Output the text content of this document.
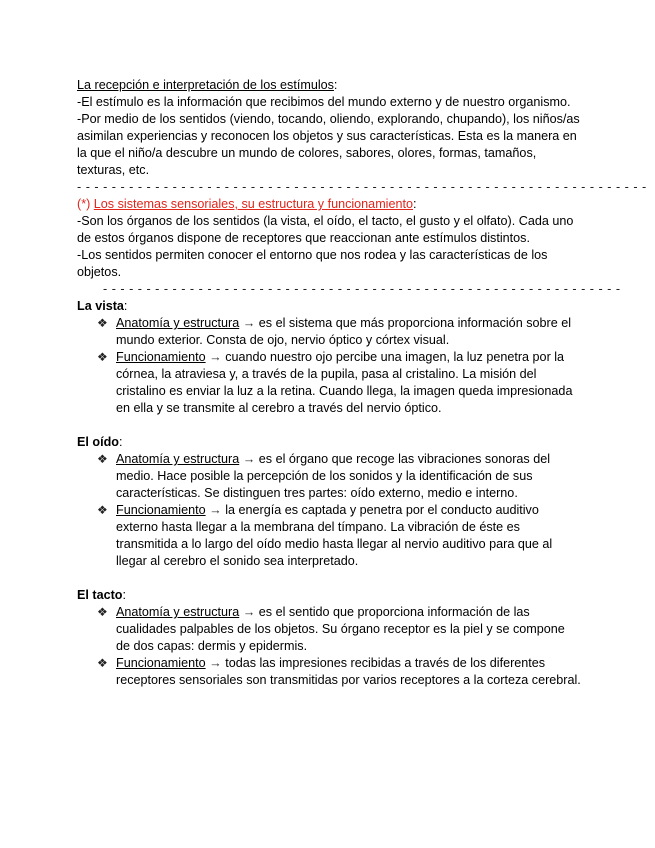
La recepción e interpretación de los estímulos:

-El estímulo es la información que recibimos del mundo externo y de nuestro organismo.

-Por medio de los sentidos (viendo, tocando, oliendo, explorando, chupando), los niños/as asimilan experiencias y reconocen los objetos y sus características. Esta es la manera en la que el niño/a descubre un mundo de colores, sabores, olores, formas, tamaños, texturas, etc.

- - - - - - - - - - - - - - - - - - - - - - - - - - - - - - - - - - - - - - - - - - - - - - - - - - - - - - - - - - - - - - - - - -

(*) Los sistemas sensoriales, su estructura y funcionamiento:

-Son los órganos de los sentidos (la vista, el oído, el tacto, el gusto y el olfato). Cada uno de estos órganos dispone de receptores que reaccionan ante estímulos distintos.

-Los sentidos permiten conocer el entorno que nos rodea y las características de los objetos.

- - - - - - - - - - - - - - - - - - - - - - - - - - - - - - - - - - - - - - - - - - - - - - - - - - - - - - - - - - - -

La vista:

❖ Anatomía y estructura → es el sistema que más proporciona información sobre el mundo exterior. Consta de ojo, nervio óptico y córtex visual.
❖ Funcionamiento → cuando nuestro ojo percibe una imagen, la luz penetra por la córnea, la atraviesa y, a través de la pupila, pasa al cristalino. La misión del cristalino es enviar la luz a la retina. Cuando llega, la imagen queda impresionada en ella y se transmite al cerebro a través del nervio óptico.

El oído:

❖ Anatomía y estructura → es el órgano que recoge las vibraciones sonoras del medio. Hace posible la percepción de los sonidos y la identificación de sus características. Se distinguen tres partes: oído externo, medio e interno.
❖ Funcionamiento → la energía es captada y penetra por el conducto auditivo externo hasta llegar a la membrana del tímpano. La vibración de éste es transmitida a lo largo del oído medio hasta llegar al nervio auditivo para que al llegar al cerebro el sonido sea interpretado.

El tacto:

❖ Anatomía y estructura → es el sentido que proporciona información de las cualidades palpables de los objetos. Su órgano receptor es la piel y se compone de dos capas: dermis y epidermis.
❖ Funcionamiento → todas las impresiones recibidas a través de los diferentes receptores sensoriales son transmitidas por varios receptores a la corteza cerebral.
